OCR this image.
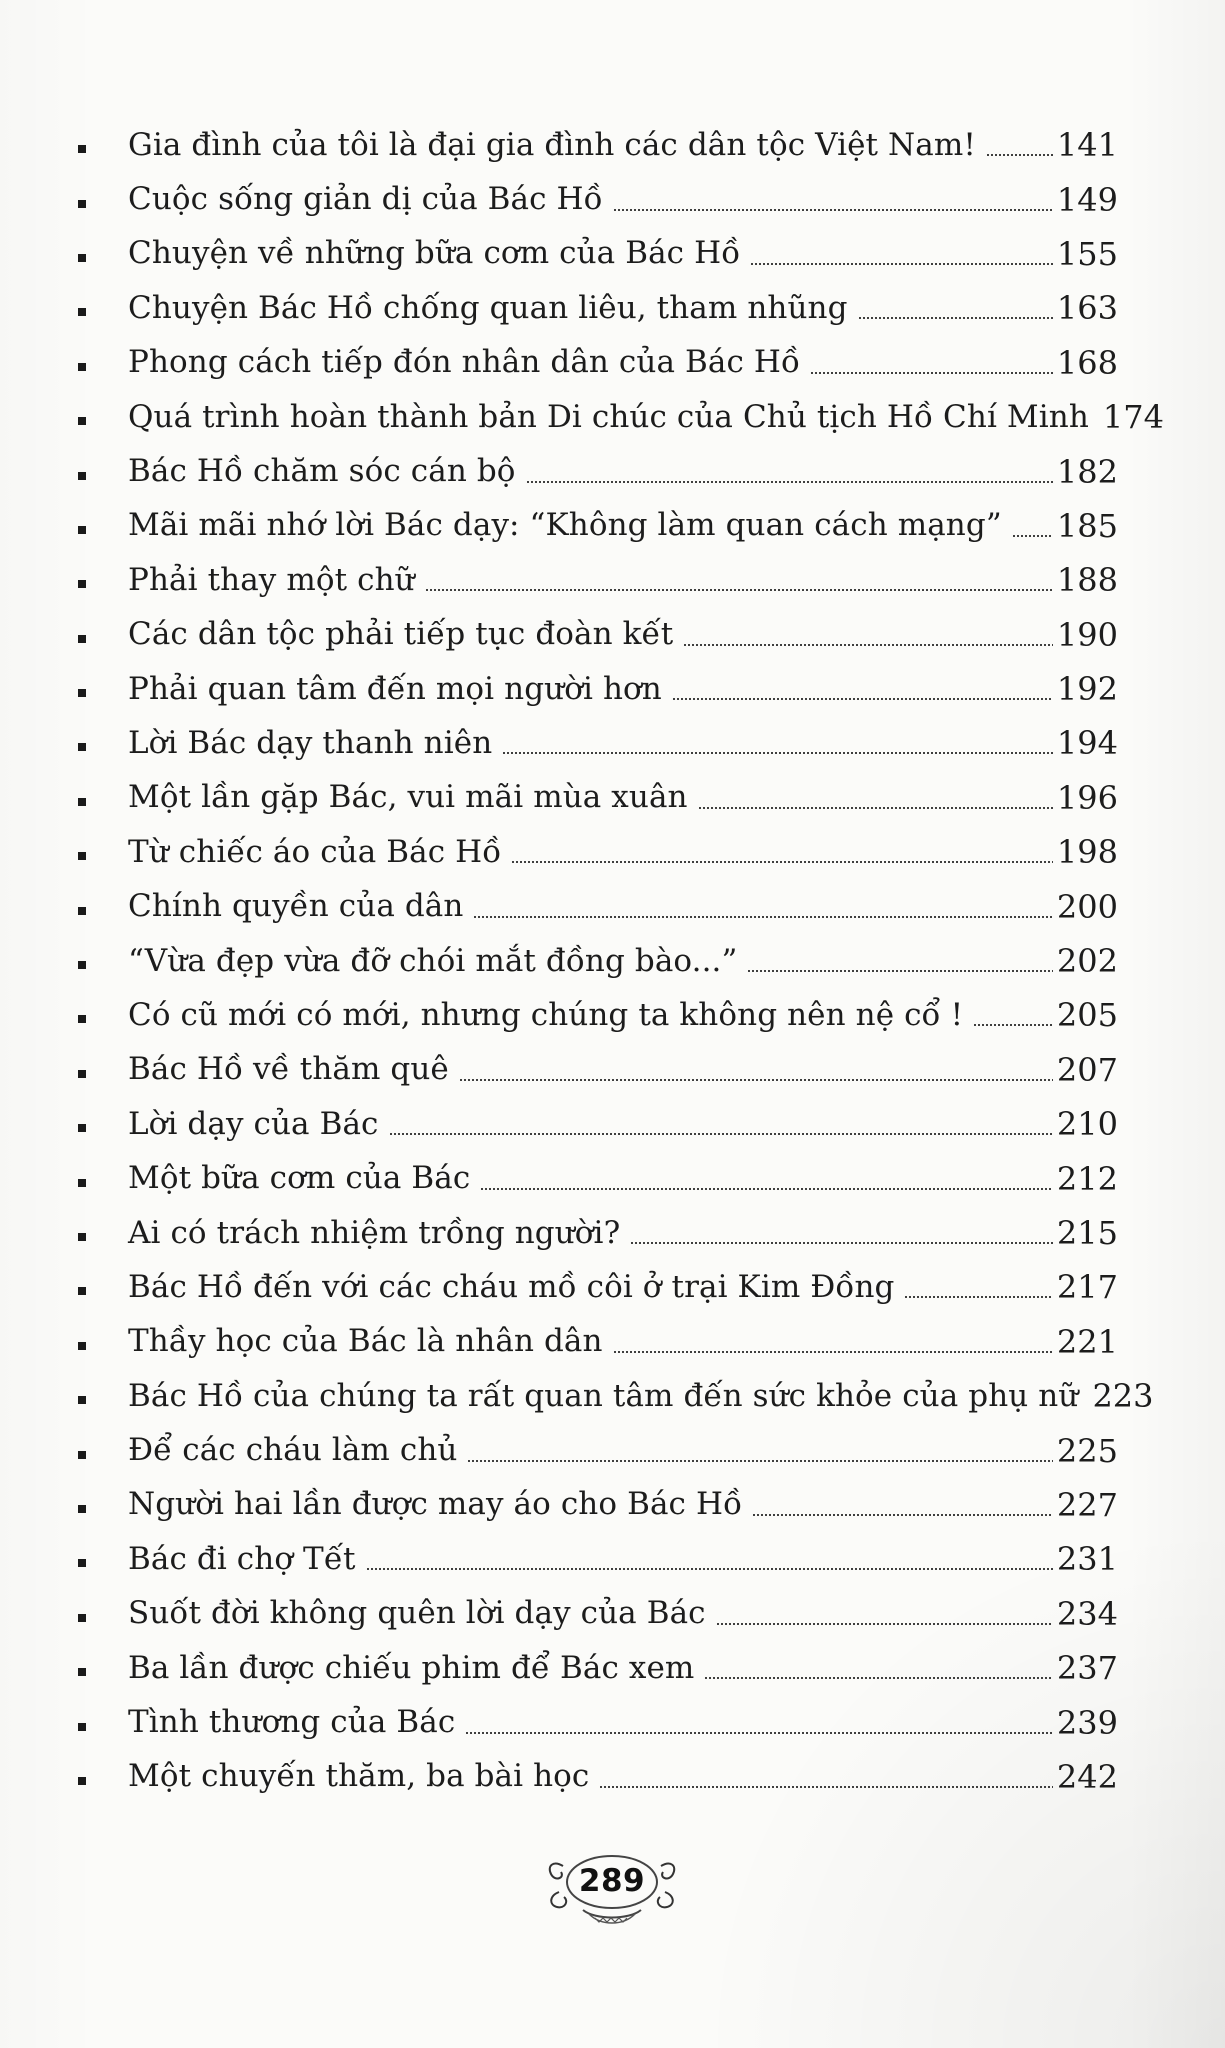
Gia đình của tôi là đại gia đình các dân tộc Việt Nam!	141
Cuộc sống giản dị của Bác Hồ	149
Chuyện về những bữa cơm của Bác Hồ	155
Chuyện Bác Hồ chống quan liêu, tham nhũng	163
Phong cách tiếp đón nhân dân của Bác Hồ	168
Quá trình hoàn thành bản Di chúc của Chủ tịch Hồ Chí Minh 174
Bác Hồ chăm sóc cán bộ	182
Mãi mãi nhớ lời Bác dạy: “Không làm quan cách mạng” 185
Phải thay một chữ	188
Các dân tộc phải tiếp tục đoàn kết	190
Phải quan tâm đến mọi người hơn	192
Lời Bác dạy thanh niên	194
Một lần gặp Bác, vui mãi mùa xuân	196
Từ chiếc áo của Bác Hồ	198
Chính quyền của dân	200
“Vừa đẹp vừa đỡ chói mắt đồng bào...”	202
Có cũ mới có mới, nhưng chúng ta không nên nệ cổ !	205
Bác Hồ về thăm quê	207
Lời dạy của Bác	210
Một bữa cơm của Bác	212
Ai có trách nhiệm trồng người?	215
Bác Hồ đến với các cháu mồ côi ở trại Kim Đồng	217
Thầy học của Bác là nhân dân	221
Bác Hồ của chúng ta rất quan tâm đến sức khỏe của phụ nữ 223
Để các cháu làm chủ	225
Người hai lần được may áo cho Bác Hồ	227
Bác đi chợ Tết	231
Suốt đời không quên lời dạy của Bác	234
Ba lần được chiếu phim để Bác xem	237
Tình thương của Bác	239
Một chuyến thăm, ba bài học	242
289
